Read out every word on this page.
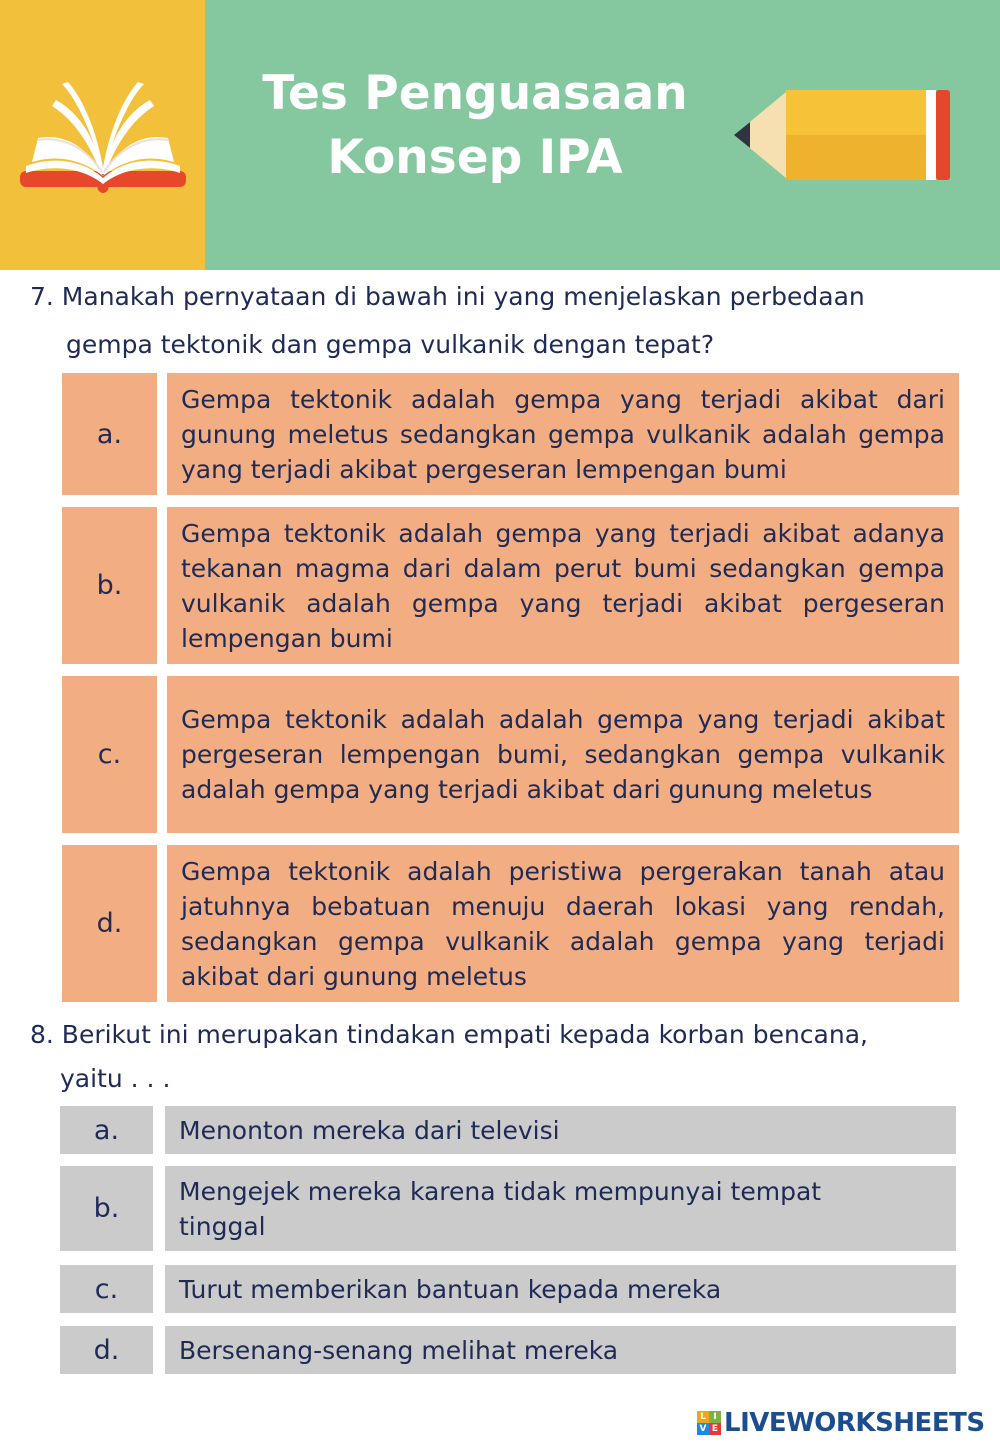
Tes Penguasaan
Konsep IPA
7. Manakah pernyataan di bawah ini yang menjelaskan perbedaan
gempa tektonik dan gempa vulkanik dengan tepat?
a.
Gempa tektonik adalah gempa yang terjadi akibat dari gunung meletus sedangkan gempa vulkanik adalah gempa yang terjadi akibat pergeseran lempengan bumi
b.
Gempa tektonik adalah gempa yang terjadi akibat adanya tekanan magma dari dalam perut bumi sedangkan gempa vulkanik adalah gempa yang terjadi akibat pergeseran lempengan bumi
c.
Gempa tektonik adalah adalah gempa yang terjadi akibat pergeseran lempengan bumi, sedangkan gempa vulkanik adalah gempa yang terjadi akibat dari gunung meletus
d.
Gempa tektonik adalah peristiwa pergerakan tanah atau jatuhnya bebatuan menuju daerah lokasi yang rendah, sedangkan gempa vulkanik adalah gempa yang terjadi akibat dari gunung meletus
8. Berikut ini merupakan tindakan empati kepada korban bencana,
yaitu . . .
a.	Menonton mereka dari televisi
b.
Mengejek mereka karena tidak mempunyai tempat tinggal
c.	Turut memberikan bantuan kepada mereka
d.	Bersenang-senang melihat mereka
L I
V E LIVEWORKSHEETS
